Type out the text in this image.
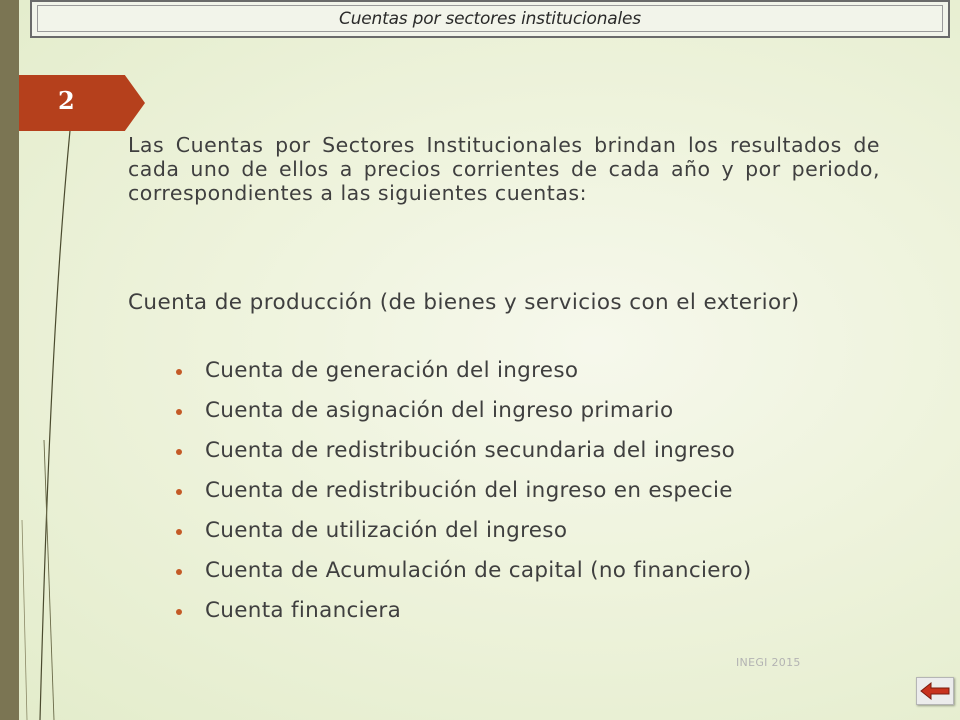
Cuentas por sectores institucionales
2

Las Cuentas por Sectores Institucionales brindan los resultados de cada uno de ellos a precios corrientes de cada año y por periodo, correspondientes a las siguientes cuentas:

Cuenta de producción (de bienes y servicios con el exterior)

Cuenta de generación del ingreso
Cuenta de asignación del ingreso primario
Cuenta de redistribución secundaria del ingreso
Cuenta de redistribución del ingreso en especie
Cuenta de utilización del ingreso
Cuenta de Acumulación de capital (no financiero)
Cuenta financiera
INEGI 2015
